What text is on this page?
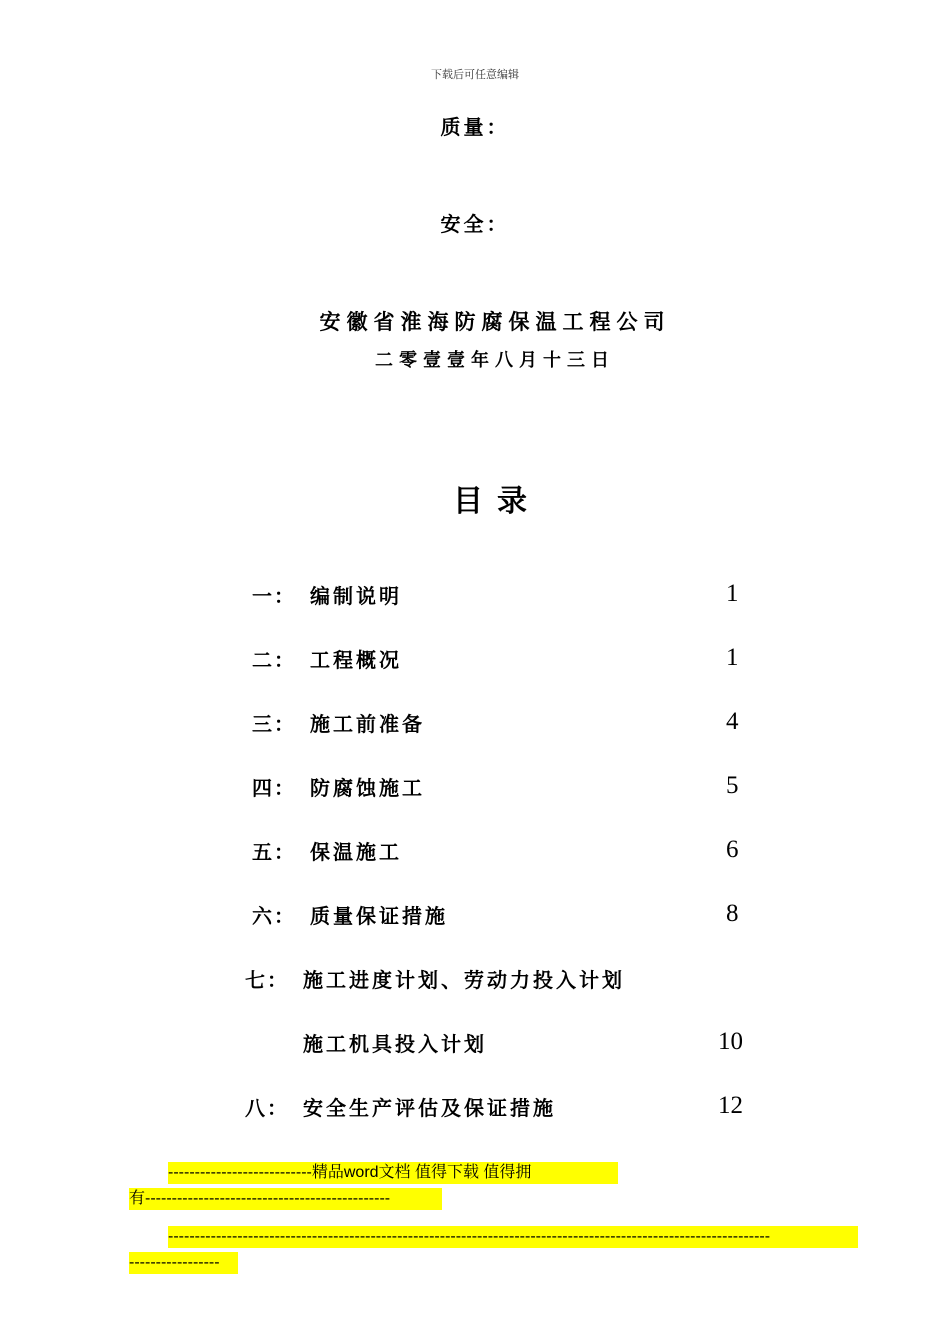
下载后可任意编辑
质量：
安全：
安徽省淮海防腐保温工程公司
二零壹壹年八月十三日
目录
一： 编制说明	1
二： 工程概况	1
三： 施工前准备	4
四： 防腐蚀施工	5
五： 保温施工	6
六： 质量保证措施	8
七： 施工进度计划、劳动力投入计划
施工机具投入计划	10
八： 安全生产评估及保证措施	12
---------------------------精品word文档 值得下载 值得拥
有----------------------------------------------
-----------------------------------------------------------------------------------------------------------------
-----------------
